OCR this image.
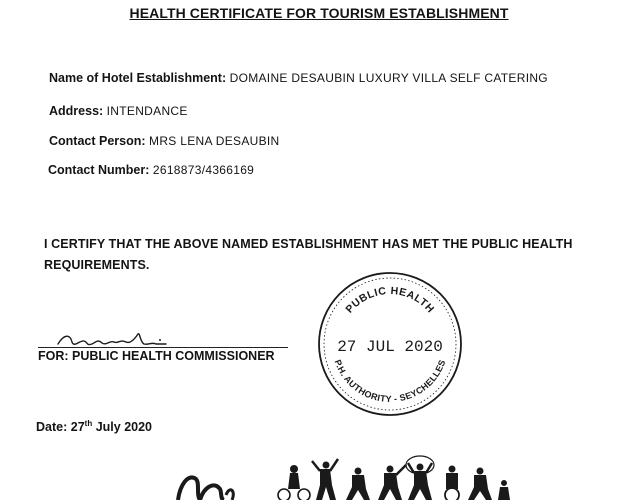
HEALTH CERTIFICATE FOR TOURISM ESTABLISHMENT
Name of Hotel Establishment: DOMAINE DESAUBIN LUXURY VILLA SELF CATERING
Address: INTENDANCE
Contact Person: MRS LENA DESAUBIN
Contact Number: 2618873/4366169
I CERTIFY THAT THE ABOVE NAMED ESTABLISHMENT HAS MET THE PUBLIC HEALTH
REQUIREMENTS.
FOR: PUBLIC HEALTH COMMISSIONER
PUBLIC HEALTH
P.H. AUTHORITY - SEYCHELLES
27 JUL 2020
Date: 27th July 2020
